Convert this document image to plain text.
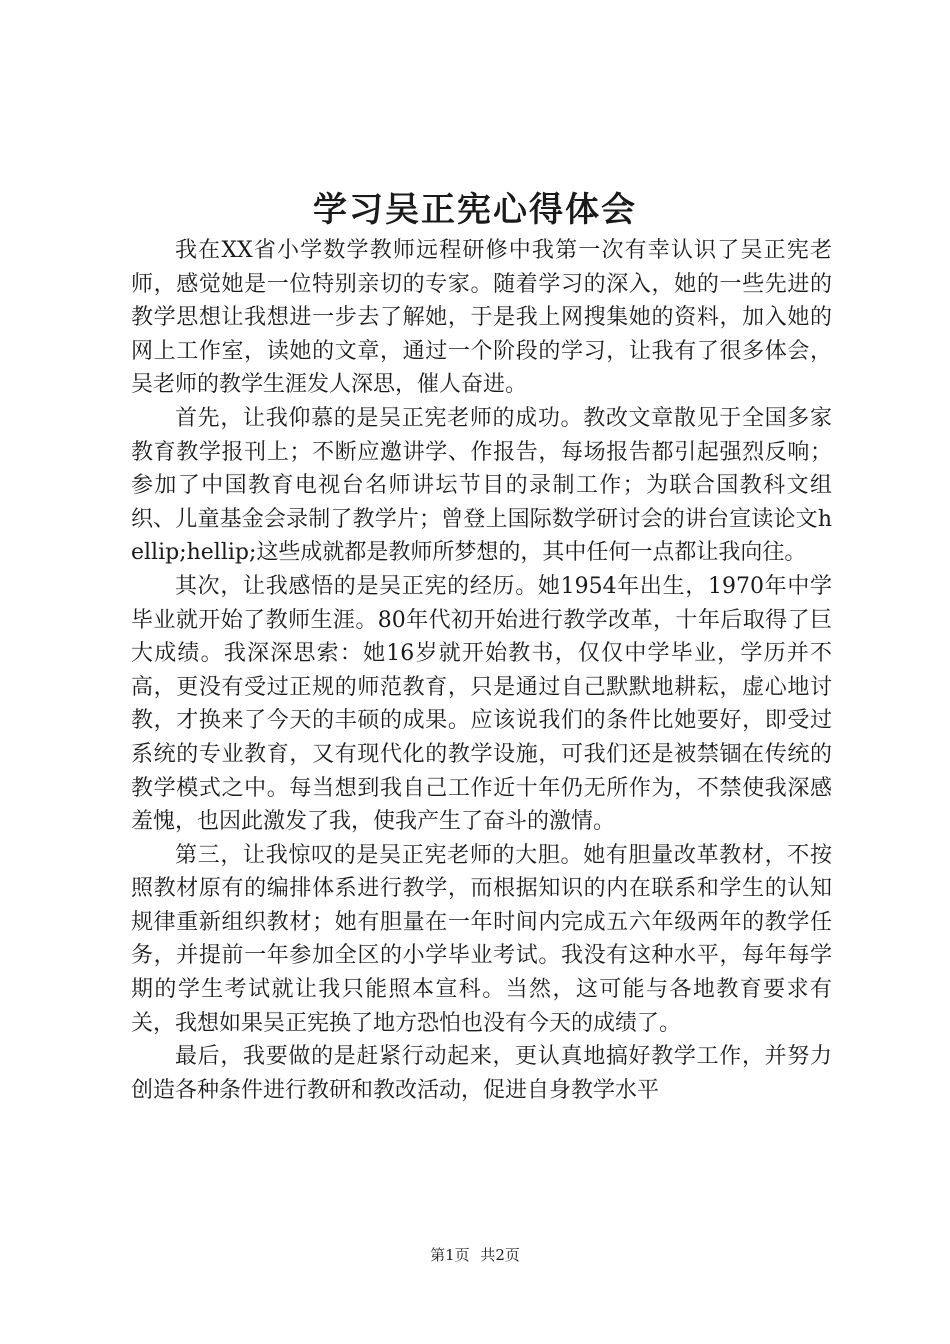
学习吴正宪心得体会

我在XX省小学数学教师远程研修中我第一次有幸认识了吴正宪老师，感觉她是一位特别亲切的专家。随着学习的深入，她的一些先进的教学思想让我想进一步去了解她，于是我上网搜集她的资料，加入她的网上工作室，读她的文章，通过一个阶段的学习，让我有了很多体会，吴老师的教学生涯发人深思，催人奋进。

首先，让我仰慕的是吴正宪老师的成功。教改文章散见于全国多家教育教学报刊上；不断应邀讲学、作报告，每场报告都引起强烈反响；参加了中国教育电视台名师讲坛节目的录制工作；为联合国教科文组织、儿童基金会录制了教学片；曾登上国际数学研讨会的讲台宣读论文hellip;hellip;这些成就都是教师所梦想的，其中任何一点都让我向往。

其次，让我感悟的是吴正宪的经历。她1954年出生，1970年中学毕业就开始了教师生涯。80年代初开始进行教学改革，十年后取得了巨大成绩。我深深思索：她16岁就开始教书，仅仅中学毕业，学历并不高，更没有受过正规的师范教育，只是通过自己默默地耕耘，虚心地讨教，才换来了今天的丰硕的成果。应该说我们的条件比她要好，即受过系统的专业教育，又有现代化的教学设施，可我们还是被禁锢在传统的教学模式之中。每当想到我自己工作近十年仍无所作为，不禁使我深感羞愧，也因此激发了我，使我产生了奋斗的激情。

第三，让我惊叹的是吴正宪老师的大胆。她有胆量改革教材，不按照教材原有的编排体系进行教学，而根据知识的内在联系和学生的认知规律重新组织教材；她有胆量在一年时间内完成五六年级两年的教学任务，并提前一年参加全区的小学毕业考试。我没有这种水平，每年每学期的学生考试就让我只能照本宣科。当然，这可能与各地教育要求有关，我想如果吴正宪换了地方恐怕也没有今天的成绩了。

最后，我要做的是赶紧行动起来，更认真地搞好教学工作，并努力创造各种条件进行教研和教改活动，促进自身教学水平

第1页 共2页
